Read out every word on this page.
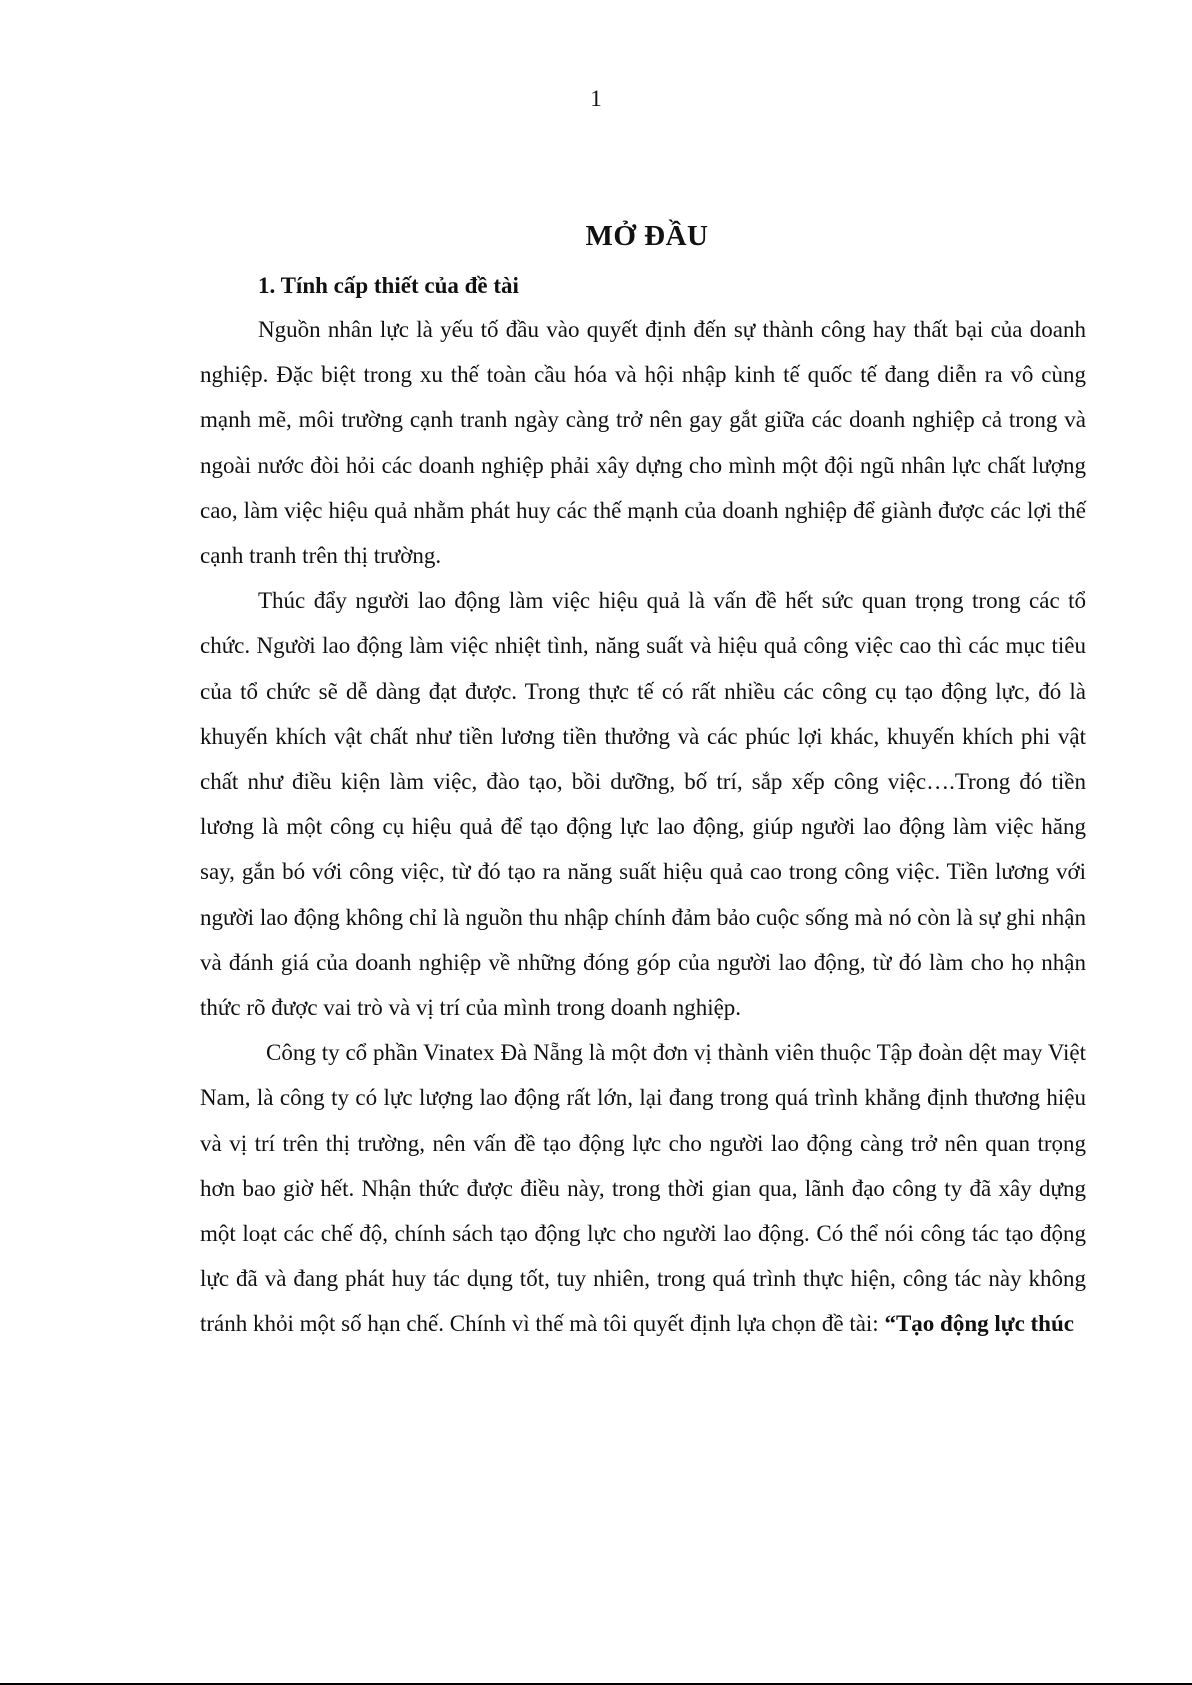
1
MỞ ĐẦU
1. Tính cấp thiết của đề tài

Nguồn nhân lực là yếu tố đầu vào quyết định đến sự thành công hay thất bại của doanh nghiệp. Đặc biệt trong xu thế toàn cầu hóa và hội nhập kinh tế quốc tế đang diễn ra vô cùng mạnh mẽ, môi trường cạnh tranh ngày càng trở nên gay gắt giữa các doanh nghiệp cả trong và ngoài nước đòi hỏi các doanh nghiệp phải xây dựng cho mình một đội ngũ nhân lực chất lượng cao, làm việc hiệu quả nhằm phát huy các thế mạnh của doanh nghiệp để giành được các lợi thế cạnh tranh trên thị trường.

Thúc đẩy người lao động làm việc hiệu quả là vấn đề hết sức quan trọng trong các tổ chức. Người lao động làm việc nhiệt tình, năng suất và hiệu quả công việc cao thì các mục tiêu của tổ chức sẽ dễ dàng đạt được. Trong thực tế có rất nhiều các công cụ tạo động lực, đó là khuyến khích vật chất như tiền lương tiền thưởng và các phúc lợi khác, khuyến khích phi vật chất như điều kiện làm việc, đào tạo, bồi dưỡng, bố trí, sắp xếp công việc….Trong đó tiền lương là một công cụ hiệu quả để tạo động lực lao động, giúp người lao động làm việc hăng say, gắn bó với công việc, từ đó tạo ra năng suất hiệu quả cao trong công việc. Tiền lương với người lao động không chỉ là nguồn thu nhập chính đảm bảo cuộc sống mà nó còn là sự ghi nhận và đánh giá của doanh nghiệp về những đóng góp của người lao động, từ đó làm cho họ nhận thức rõ được vai trò và vị trí của mình trong doanh nghiệp.

Công ty cổ phần Vinatex Đà Nẵng là một đơn vị thành viên thuộc Tập đoàn dệt may Việt Nam, là công ty có lực lượng lao động rất lớn, lại đang trong quá trình khẳng định thương hiệu và vị trí trên thị trường, nên vấn đề tạo động lực cho người lao động càng trở nên quan trọng hơn bao giờ hết. Nhận thức được điều này, trong thời gian qua, lãnh đạo công ty đã xây dựng một loạt các chế độ, chính sách tạo động lực cho người lao động. Có thể nói công tác tạo động lực đã và đang phát huy tác dụng tốt, tuy nhiên, trong quá trình thực hiện, công tác này không tránh khỏi một số hạn chế. Chính vì thế mà tôi quyết định lựa chọn đề tài: “Tạo động lực thúc
